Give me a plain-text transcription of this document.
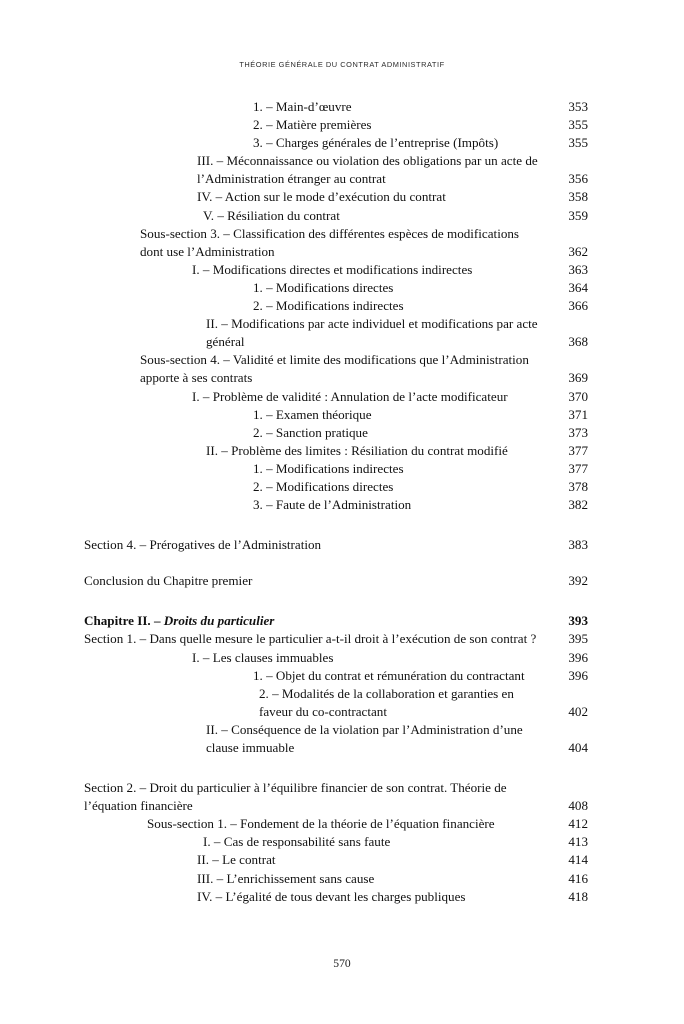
THÉORIE GÉNÉRALE DU CONTRAT ADMINISTRATIF
1. – Main-d’œuvre	353
2. – Matière premières	355
3. – Charges générales de l’entreprise (Impôts)	355
III. – Méconnaissance ou violation des obligations par un acte de l’Administration étranger au contrat	356
IV. – Action sur le mode d’exécution du contrat	358
V. – Résiliation du contrat	359
Sous-section 3. – Classification des différentes espèces de modifications dont use l’Administration	362
I. – Modifications directes et modifications indirectes	363
1. – Modifications directes	364
2. – Modifications indirectes	366
II. – Modifications par acte individuel et modifications par acte général	368
Sous-section 4. – Validité et limite des modifications que l’Administration apporte à ses contrats	369
I. – Problème de validité : Annulation de l’acte modificateur	370
1. – Examen théorique	371
2. – Sanction pratique	373
II. – Problème des limites : Résiliation du contrat modifié	377
1. – Modifications indirectes	377
2. – Modifications directes	378
3. – Faute de l’Administration	382
Section 4. – Prérogatives de l’Administration	383
Conclusion du Chapitre premier	392
Chapitre II. – Droits du particulier	393
Section 1. – Dans quelle mesure le particulier a-t-il droit à l’exécution de son contrat ?	395
I. – Les clauses immuables	396
1. – Objet du contrat et rémunération du contractant	396
2. – Modalités de la collaboration et garanties en faveur du co-contractant	402
II. – Conséquence de la violation par l’Administration d’une clause immuable	404
Section 2. – Droit du particulier à l’équilibre financier de son contrat. Théorie de l’équation financière	408
Sous-section 1. – Fondement de la théorie de l’équation financière	412
I. – Cas de responsabilité sans faute	413
II. – Le contrat	414
III. – L’enrichissement sans cause	416
IV. – L’égalité de tous devant les charges publiques	418
570
